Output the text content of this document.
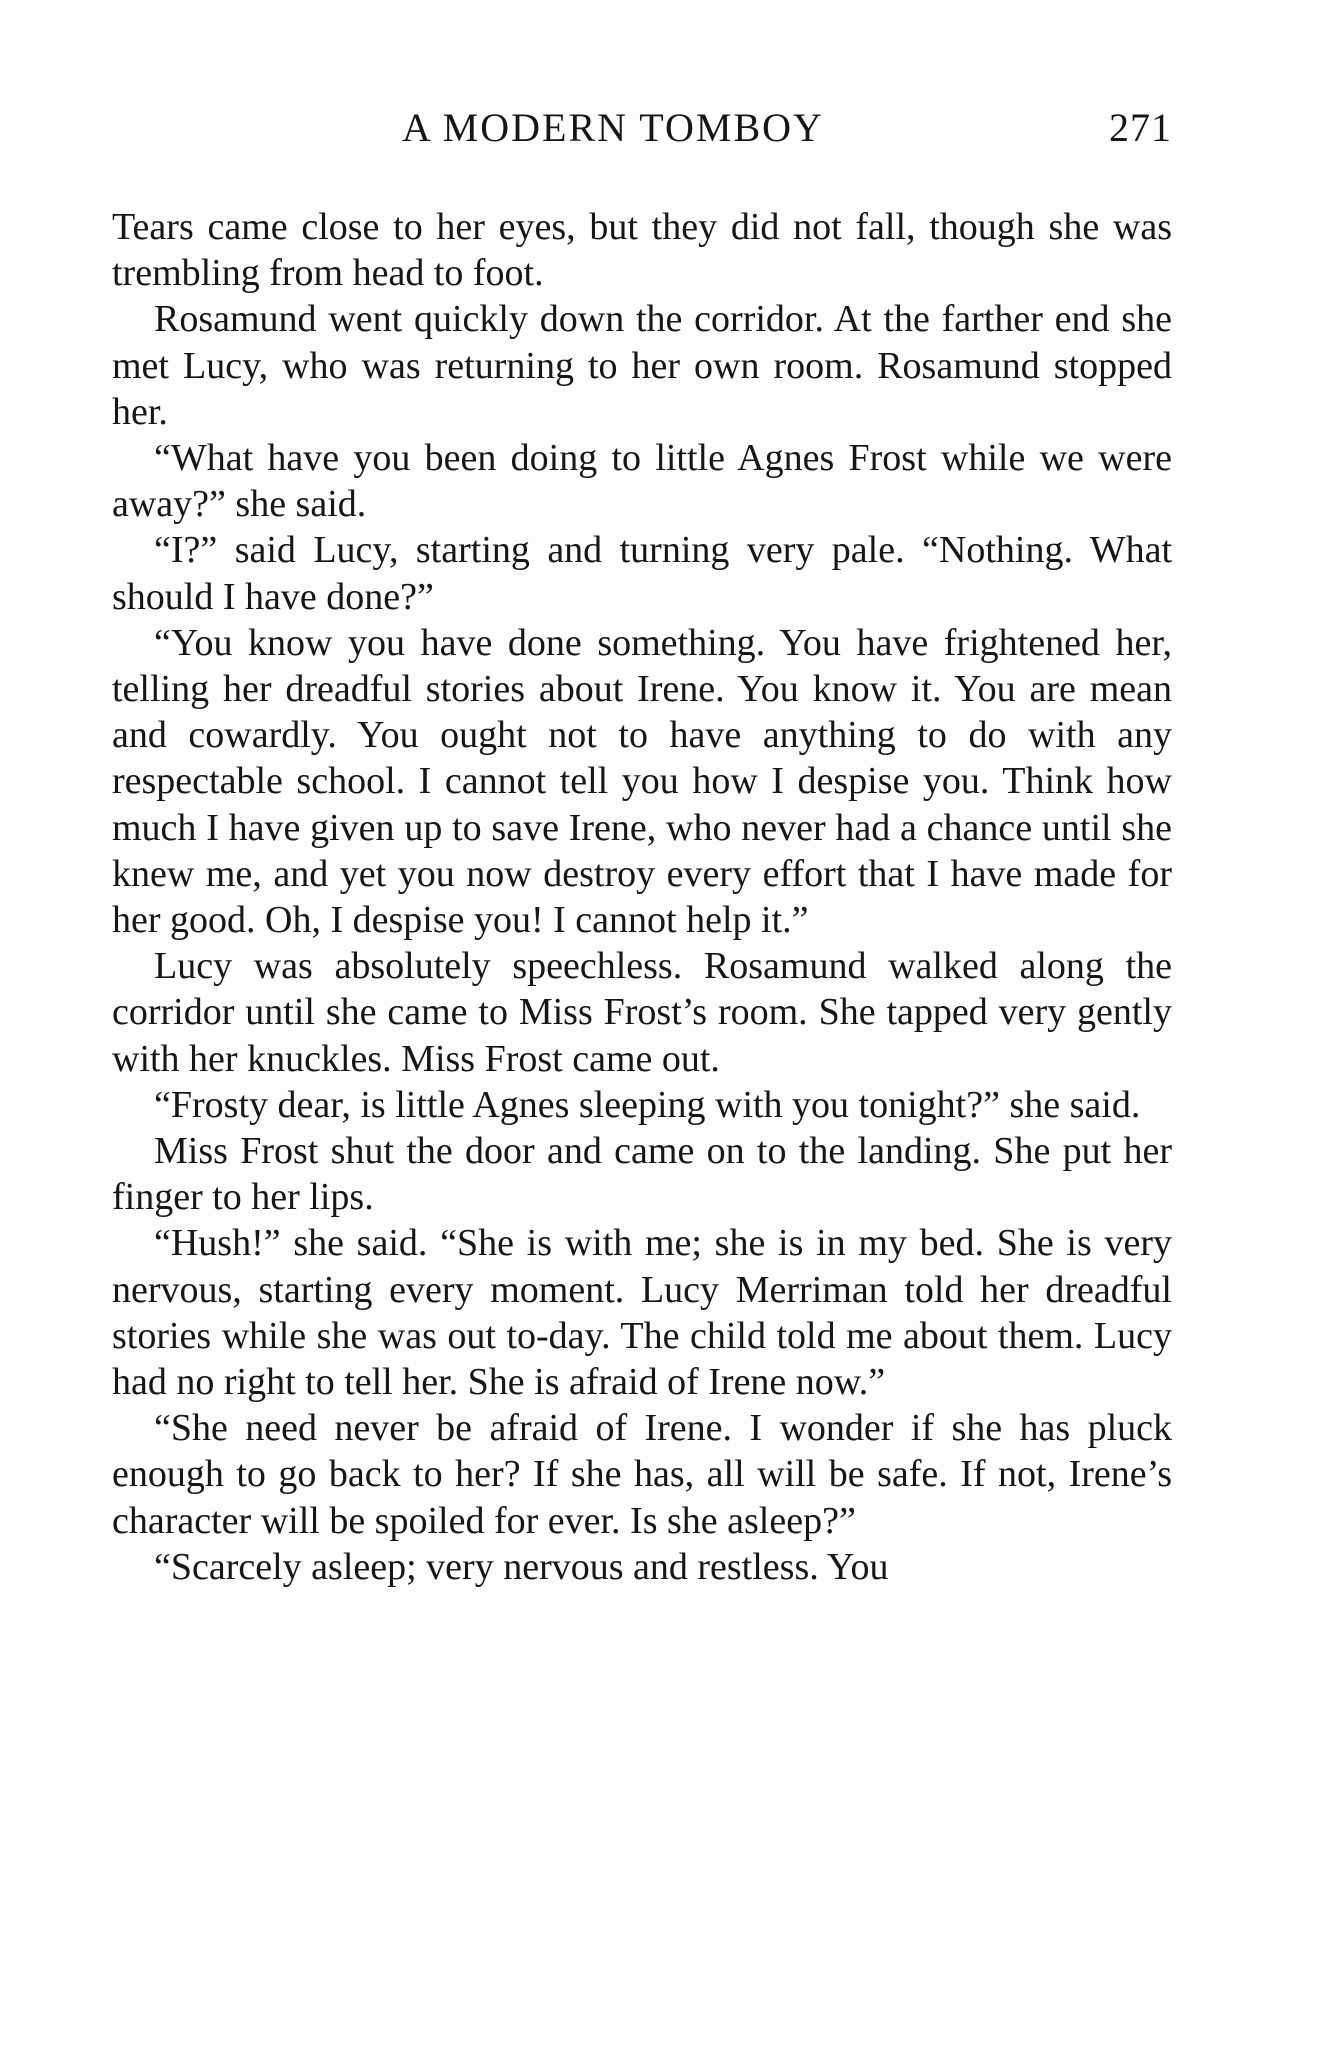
A MODERN TOMBOY	271

Tears came close to her eyes, but they did not fall, though she was trembling from head to foot.

Rosamund went quickly down the corridor. At the farther end she met Lucy, who was returning to her own room. Rosamund stopped her.

“What have you been doing to little Agnes Frost while we were away?” she said.

“I?” said Lucy, starting and turning very pale. “Nothing. What should I have done?”

“You know you have done something. You have frightened her, telling her dreadful stories about Irene. You know it. You are mean and cowardly. You ought not to have anything to do with any respectable school. I cannot tell you how I despise you. Think how much I have given up to save Irene, who never had a chance until she knew me, and yet you now destroy every effort that I have made for her good. Oh, I despise you! I cannot help it.”

Lucy was absolutely speechless. Rosamund walked along the corridor until she came to Miss Frost’s room. She tapped very gently with her knuckles. Miss Frost came out.

“Frosty dear, is little Agnes sleeping with you tonight?” she said.

Miss Frost shut the door and came on to the landing. She put her finger to her lips.

“Hush!” she said. “She is with me; she is in my bed. She is very nervous, starting every moment. Lucy Merriman told her dreadful stories while she was out to-day. The child told me about them. Lucy had no right to tell her. She is afraid of Irene now.”

“She need never be afraid of Irene. I wonder if she has pluck enough to go back to her? If she has, all will be safe. If not, Irene’s character will be spoiled for ever. Is she asleep?”

“Scarcely asleep; very nervous and restless. You
